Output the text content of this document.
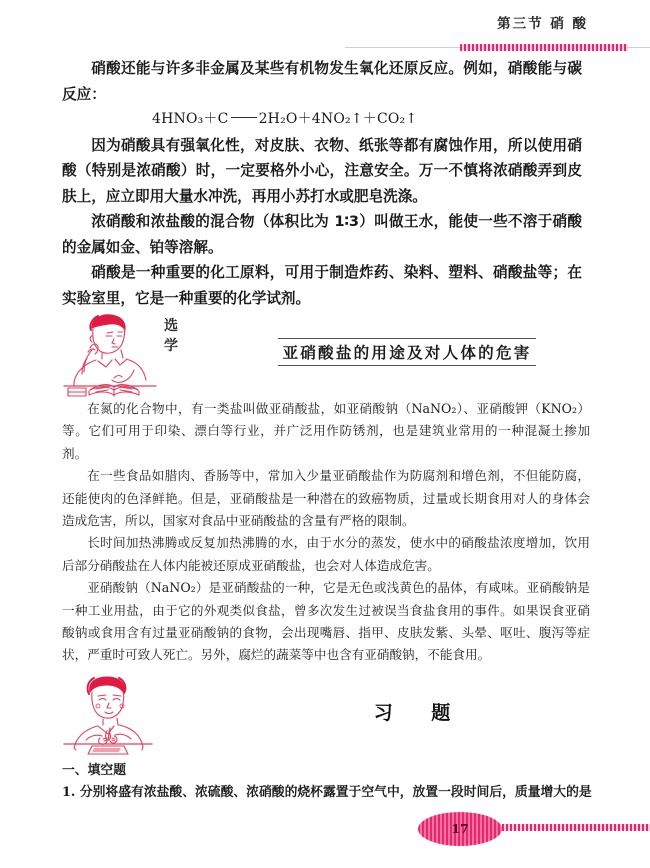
第三节 硝 酸

硝酸还能与许多非金属及某些有机物发生氧化还原反应。例如，硝酸能与碳反应：

4HNO₃＋C 2H₂O＋4NO₂↑＋CO₂↑

因为硝酸具有强氧化性，对皮肤、衣物、纸张等都有腐蚀作用，所以使用硝酸（特别是浓硝酸）时，一定要格外小心，注意安全。万一不慎将浓硝酸弄到皮肤上，应立即用大量水冲洗，再用小苏打水或肥皂洗涤。

浓硝酸和浓盐酸的混合物（体积比为 1∶3）叫做王水，能使一些不溶于硝酸的金属如金、铂等溶解。

硝酸是一种重要的化工原料，可用于制造炸药、染料、塑料、硝酸盐等；在实验室里，它是一种重要的化学试剂。

选
学	亚硝酸盐的用途及对人体的危害

在氮的化合物中，有一类盐叫做亚硝酸盐，如亚硝酸钠（NaNO₂）、亚硝酸钾（KNO₂）等。它们可用于印染、漂白等行业，并广泛用作防锈剂，也是建筑业常用的一种混凝土掺加剂。

在一些食品如腊肉、香肠等中，常加入少量亚硝酸盐作为防腐剂和增色剂，不但能防腐，还能使肉的色泽鲜艳。但是，亚硝酸盐是一种潜在的致癌物质，过量或长期食用对人的身体会造成危害，所以，国家对食品中亚硝酸盐的含量有严格的限制。

长时间加热沸腾或反复加热沸腾的水，由于水分的蒸发，使水中的硝酸盐浓度增加，饮用后部分硝酸盐在人体内能被还原成亚硝酸盐，也会对人体造成危害。

亚硝酸钠（NaNO₂）是亚硝酸盐的一种，它是无色或浅黄色的晶体，有咸味。亚硝酸钠是一种工业用盐，由于它的外观类似食盐，曾多次发生过被误当食盐食用的事件。如果误食亚硝酸钠或食用含有过量亚硝酸钠的食物，会出现嘴唇、指甲、皮肤发紫、头晕、呕吐、腹泻等症状，严重时可致人死亡。另外，腐烂的蔬菜等中也含有亚硝酸钠，不能食用。

习 题

一、填空题

1. 分别将盛有浓盐酸、浓硫酸、浓硝酸的烧杯露置于空气中，放置一段时间后，质量增大的是

17
